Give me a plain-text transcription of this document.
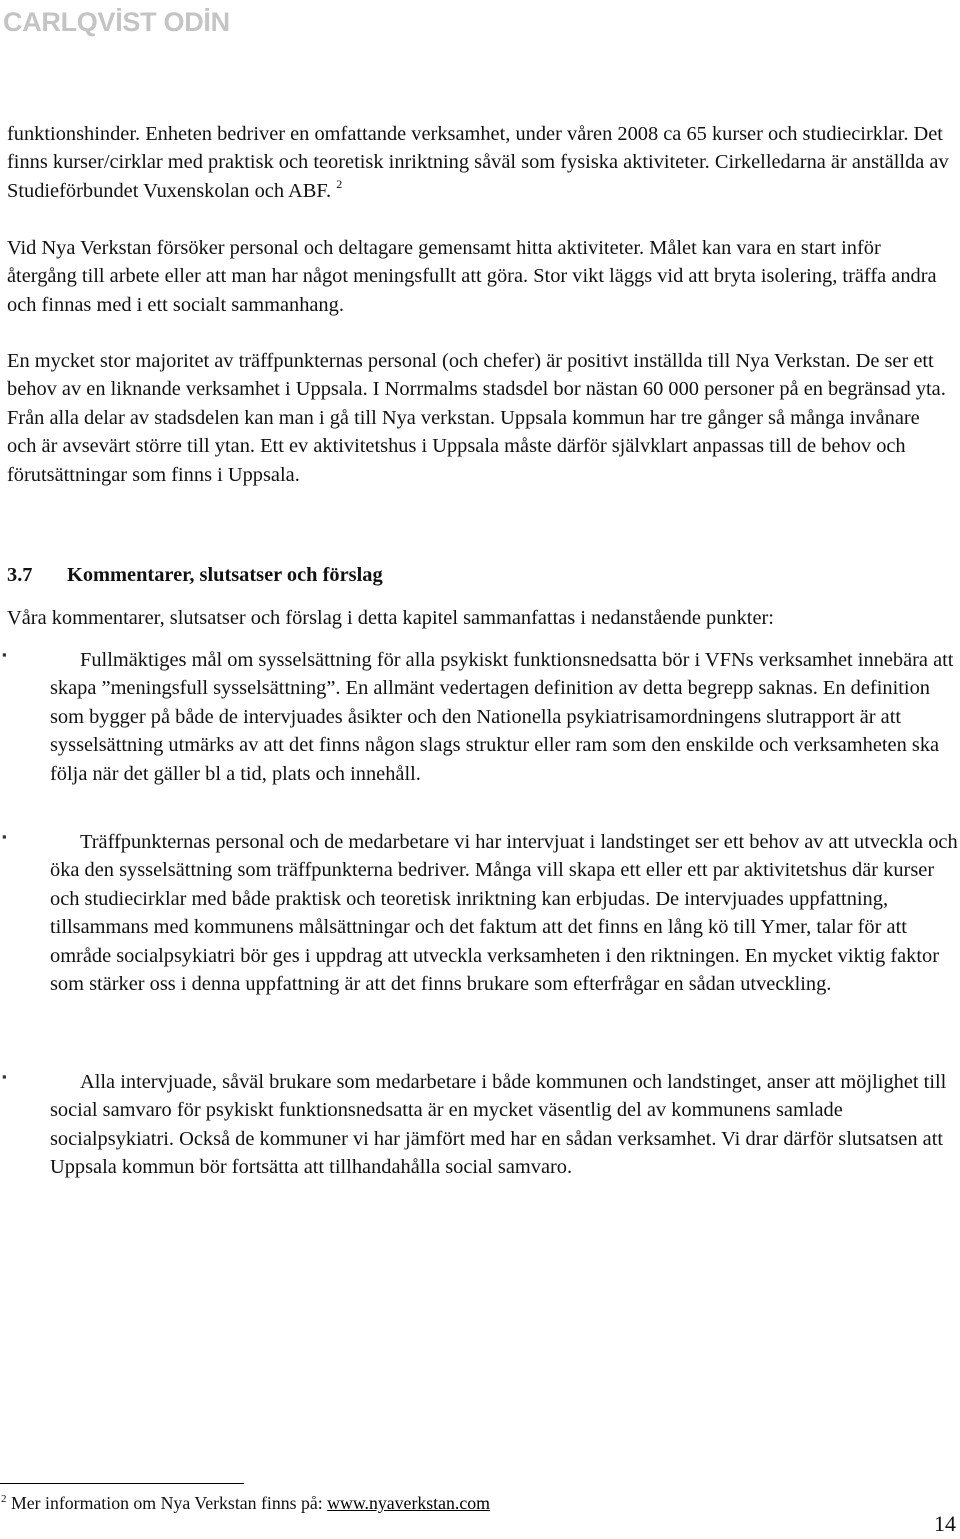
CARLQVİST ODİN

funktionshinder. Enheten bedriver en omfattande verksamhet, under våren 2008 ca 65 kurser och studiecirklar. Det finns kurser/cirklar med praktisk och teoretisk inriktning såväl som fysiska aktiviteter. Cirkelledarna är anställda av Studieförbundet Vuxenskolan och ABF. $^2$

Vid Nya Verkstan försöker personal och deltagare gemensamt hitta aktiviteter. Målet kan vara en start inför återgång till arbete eller att man har något meningsfullt att göra. Stor vikt läggs vid att bryta isolering, träffa andra och finnas med i ett socialt sammanhang.

En mycket stor majoritet av träffpunkternas personal (och chefer) är positivt inställda till Nya Verkstan. De ser ett behov av en liknande verksamhet i Uppsala. I Norrmalms stadsdel bor nästan 60 000 personer på en begränsad yta. Från alla delar av stadsdelen kan man i gå till Nya verkstan. Uppsala kommun har tre gånger så många invånare och är avsevärt större till ytan. Ett ev aktivitetshus i Uppsala måste därför självklart anpassas till de behov och förutsättningar som finns i Uppsala.

3.7 Kommentarer, slutsatser och förslag

Våra kommentarer, slutsatser och förslag i detta kapitel sammanfattas i nedanstående punkter:

▪	Fullmäktiges mål om sysselsättning för alla psykiskt funktionsnedsatta bör i VFNs verksamhet innebära att skapa ”meningsfull sysselsättning”. En allmänt vedertagen definition av detta begrepp saknas. En definition som bygger på både de intervjuades åsikter och den Nationella psykiatrisamordningens slutrapport är att sysselsättning utmärks av att det finns någon slags struktur eller ram som den enskilde och verksamheten ska följa när det gäller bl a tid, plats och innehåll.

▪	Träffpunkternas personal och de medarbetare vi har intervjuat i landstinget ser ett behov av att utveckla och öka den sysselsättning som träffpunkterna bedriver. Många vill skapa ett eller ett par aktivitetshus där kurser och studiecirklar med både praktisk och teoretisk inriktning kan erbjudas. De intervjuades uppfattning, tillsammans med kommunens målsättningar och det faktum att det finns en lång kö till Ymer, talar för att område socialpsykiatri bör ges i uppdrag att utveckla verksamheten i den riktningen. En mycket viktig faktor som stärker oss i denna uppfattning är att det finns brukare som efterfrågar en sådan utveckling.

▪	Alla intervjuade, såväl brukare som medarbetare i både kommunen och landstinget, anser att möjlighet till social samvaro för psykiskt funktionsnedsatta är en mycket väsentlig del av kommunens samlade socialpsykiatri. Också de kommuner vi har jämfört med har en sådan verksamhet. Vi drar därför slutsatsen att Uppsala kommun bör fortsätta att tillhandahålla social samvaro.

$^2$ Mer information om Nya Verkstan finns på: www.nyaverkstan.com
14
